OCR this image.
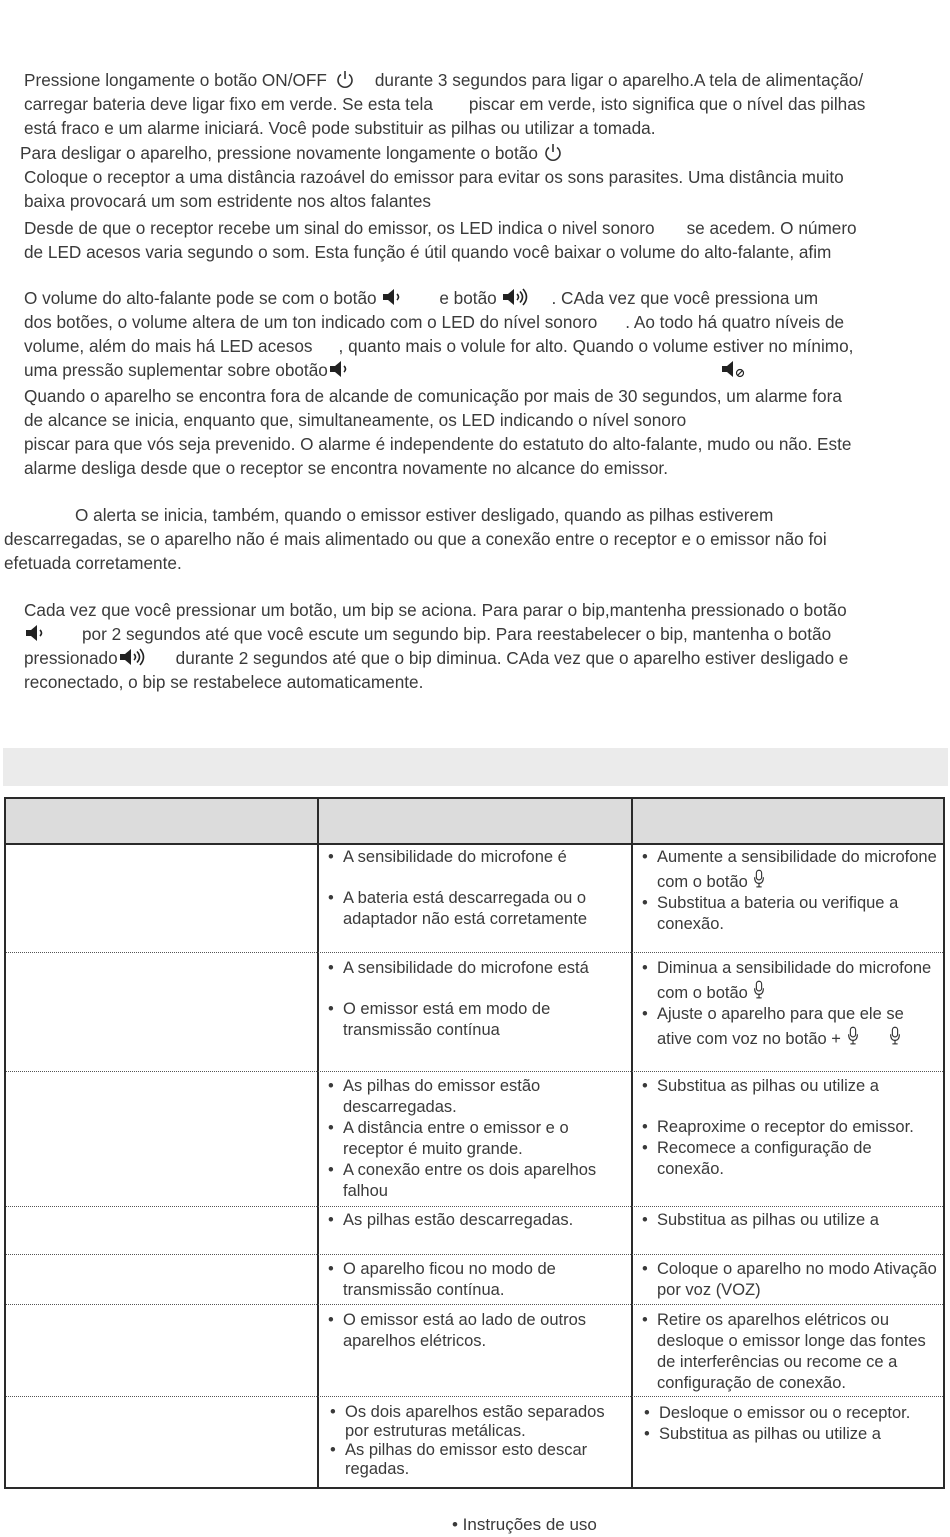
Pressione longamente o botão ON/OFF	durante 3 segundos para ligar o aparelho.A tela de alimentação/
carregar bateria deve ligar fixo em verde. Se esta tela piscar em verde, isto significa que o nível das pilhas
está fraco e um alarme iniciará. Você pode substituir as pilhas ou utilizar a tomada.
Para desligar o aparelho, pressione novamente longamente o botão
Coloque o receptor a uma distância razoável do emissor para evitar os sons parasites. Uma distância muito
baixa provocará um som estridente nos altos falantes
Desde de que o receptor recebe um sinal do emissor, os LED indica o nivel sonoro se acedem. O número
de LED acesos varia segundo o som. Esta função é útil quando você baixar o volume do alto-falante, afim
O volume do alto-falante pode se com o botão	e botão	. CAda vez que você pressiona um
dos botões, o volume altera de um ton indicado com o LED do nível sonoro . Ao todo há quatro níveis de
volume, além do mais há LED acesos , quanto mais o volule for alto. Quando o volume estiver no mínimo,
uma pressão suplementar sobre obotão
Quando o aparelho se encontra fora de alcande de comunicação por mais de 30 segundos, um alarme fora
de alcance se inicia, enquanto que, simultaneamente, os LED indicando o nível sonoro
piscar para que vós seja prevenido. O alarme é independente do estatuto do alto-falante, mudo ou não. Este
alarme desliga desde que o receptor se encontra novamente no alcance do emissor.
O alerta se inicia, também, quando o emissor estiver desligado, quando as pilhas estiverem
descarregadas, se o aparelho não é mais alimentado ou que a conexão entre o receptor e o emissor não foi
efetuada corretamente.
Cada vez que você pressionar um botão, um bip se aciona. Para parar o bip,mantenha pressionado o botão
por 2 segundos até que você escute um segundo bip. Para reestabelecer o bip, mantenha o botão
pressionado	durante 2 segundos até que o bip diminua. CAda vez que o aparelho estiver desligado e
reconectado, o bip se restabelece automaticamente.
• A sensibilidade do microfone é
• A bateria está descarregada ou o adaptador não está corretamente
• Aumente a sensibilidade do microfone com o botão
• Substitua a bateria ou verifique a conexão.
• A sensibilidade do microfone está
• O emissor está em modo de transmissão contínua
• Diminua a sensibilidade do microfone com o botão
• Ajuste o aparelho para que ele se ative com voz no botão +
• As pilhas do emissor estão descarregadas.
• A distância entre o emissor e o receptor é muito grande.
• A conexão entre os dois aparelhos falhou
• Substitua as pilhas ou utilize a
• Reaproxime o receptor do emissor.
• Recomece a configuração de conexão.
• As pilhas estão descarregadas.
•	Substitua as pilhas ou utilize a
• O aparelho ficou no modo de transmissão contínua.
• Coloque o aparelho no modo Ativação por voz (VOZ)
• O emissor está ao lado de outros aparelhos elétricos.
• Retire os aparelhos elétricos ou desloque o emissor longe das fontes de interferências ou recome ce a configuração de conexão.
• Os dois aparelhos estão separados por estruturas metálicas.
• As pilhas do emissor esto descar regadas.
• Desloque o emissor ou o receptor.
• Substitua as pilhas ou utilize a
• Instruções de uso
